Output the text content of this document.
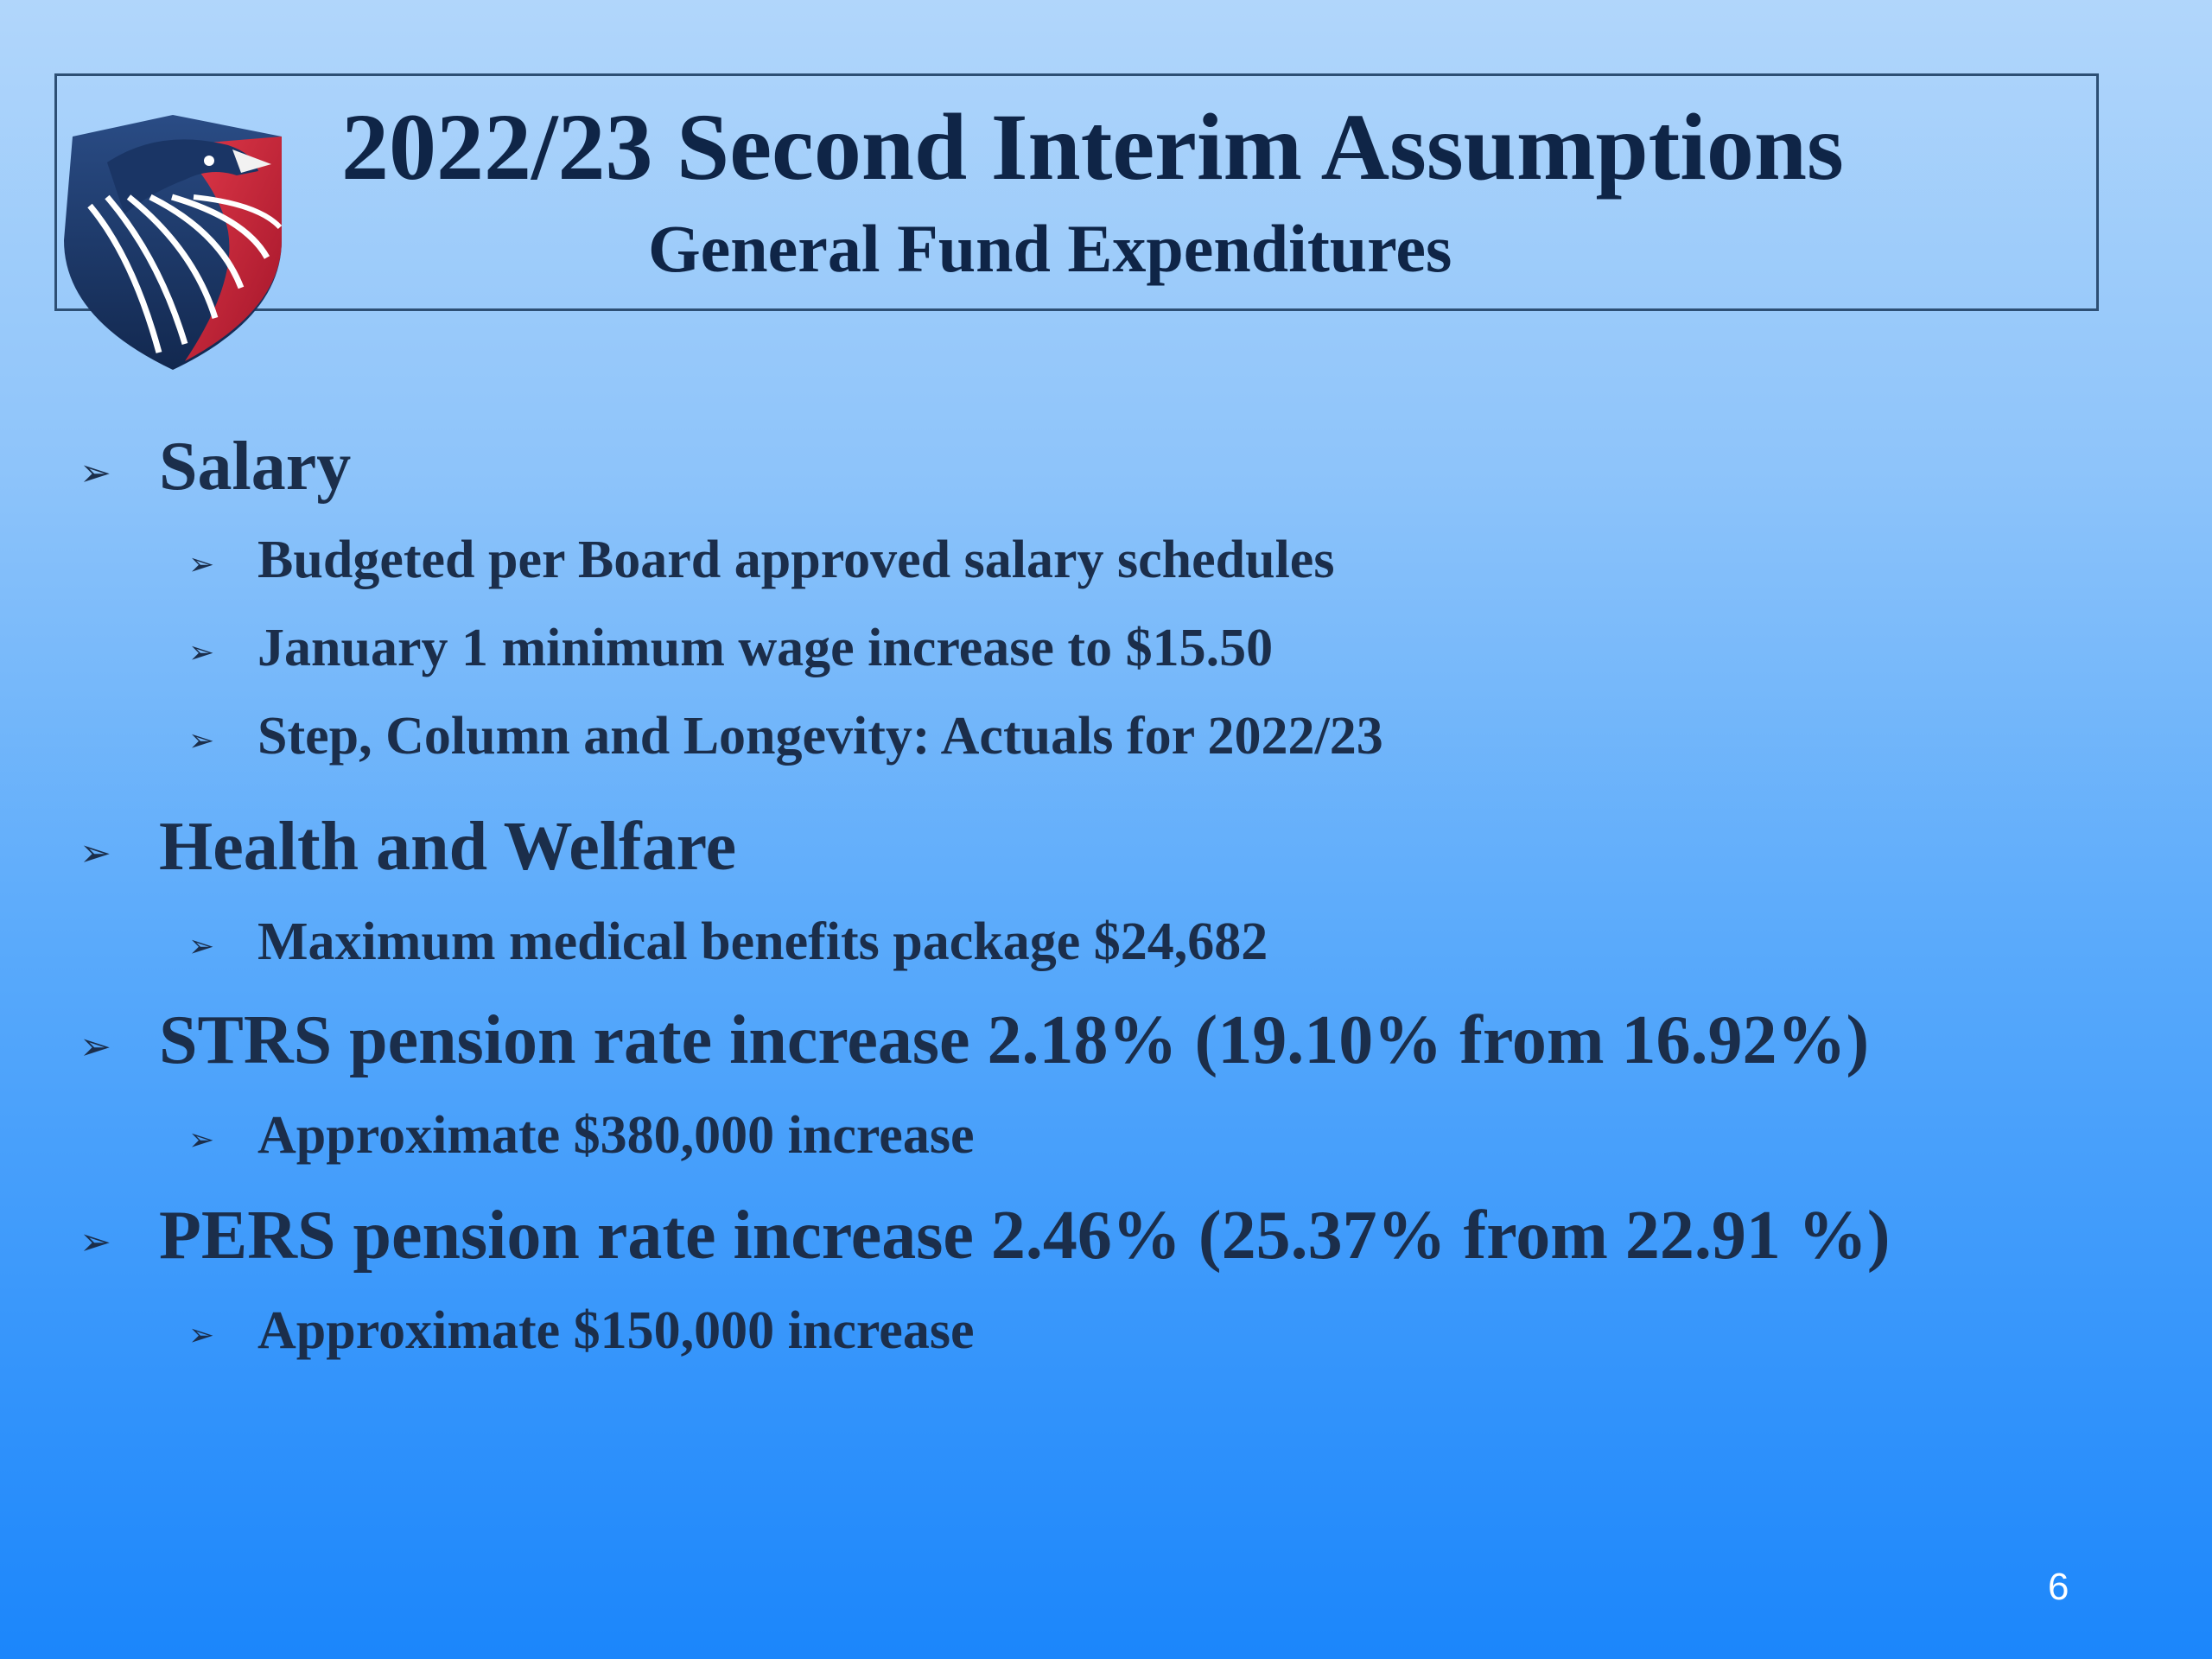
2022/23 Second Interim Assumptions
General Fund Expenditures
➢ Salary
➢ Budgeted per Board approved salary schedules
➢ January 1 minimum wage increase to $15.50
➢ Step, Column and Longevity: Actuals for 2022/23
➢ Health and Welfare
➢ Maximum medical benefits package $24,682
➢ STRS pension rate increase 2.18% (19.10% from 16.92%)
➢ Approximate $380,000 increase
➢ PERS pension rate increase 2.46% (25.37% from 22.91 %)
➢ Approximate $150,000 increase
6
